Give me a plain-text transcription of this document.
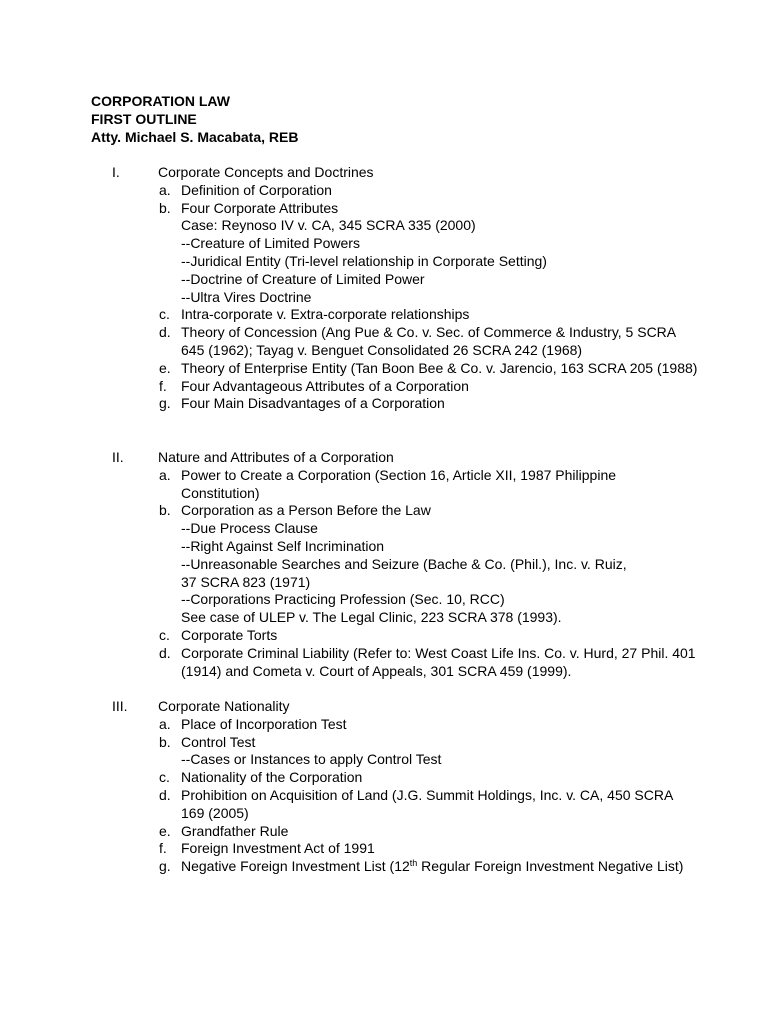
CORPORATION LAW
FIRST OUTLINE
Atty. Michael S. Macabata, REB
I.	Corporate Concepts and Doctrines
a. Definition of Corporation
b. Four Corporate Attributes
Case: Reynoso IV v. CA, 345 SCRA 335 (2000)
--Creature of Limited Powers
--Juridical Entity (Tri-level relationship in Corporate Setting)
--Doctrine of Creature of Limited Power
--Ultra Vires Doctrine
c. Intra-corporate v. Extra-corporate relationships
d. Theory of Concession (Ang Pue & Co. v. Sec. of Commerce & Industry, 5 SCRA 645 (1962); Tayag v. Benguet Consolidated 26 SCRA 242 (1968)
e. Theory of Enterprise Entity (Tan Boon Bee & Co. v. Jarencio, 163 SCRA 205 (1988)
f. Four Advantageous Attributes of a Corporation
g. Four Main Disadvantages of a Corporation
II. Nature and Attributes of a Corporation
a. Power to Create a Corporation (Section 16, Article XII, 1987 Philippine Constitution)
b. Corporation as a Person Before the Law
--Due Process Clause
--Right Against Self Incrimination
--Unreasonable Searches and Seizure (Bache & Co. (Phil.), Inc. v. Ruiz,
37 SCRA 823 (1971)
--Corporations Practicing Profession (Sec. 10, RCC)
See case of ULEP v. The Legal Clinic, 223 SCRA 378 (1993).
c. Corporate Torts
d. Corporate Criminal Liability (Refer to: West Coast Life Ins. Co. v. Hurd, 27 Phil. 401 (1914) and Cometa v. Court of Appeals, 301 SCRA 459 (1999).
III. Corporate Nationality
a. Place of Incorporation Test
b. Control Test
--Cases or Instances to apply Control Test
c. Nationality of the Corporation
d. Prohibition on Acquisition of Land (J.G. Summit Holdings, Inc. v. CA, 450 SCRA 169 (2005)
e. Grandfather Rule
f. Foreign Investment Act of 1991
g. Negative Foreign Investment List (12th Regular Foreign Investment Negative List)
